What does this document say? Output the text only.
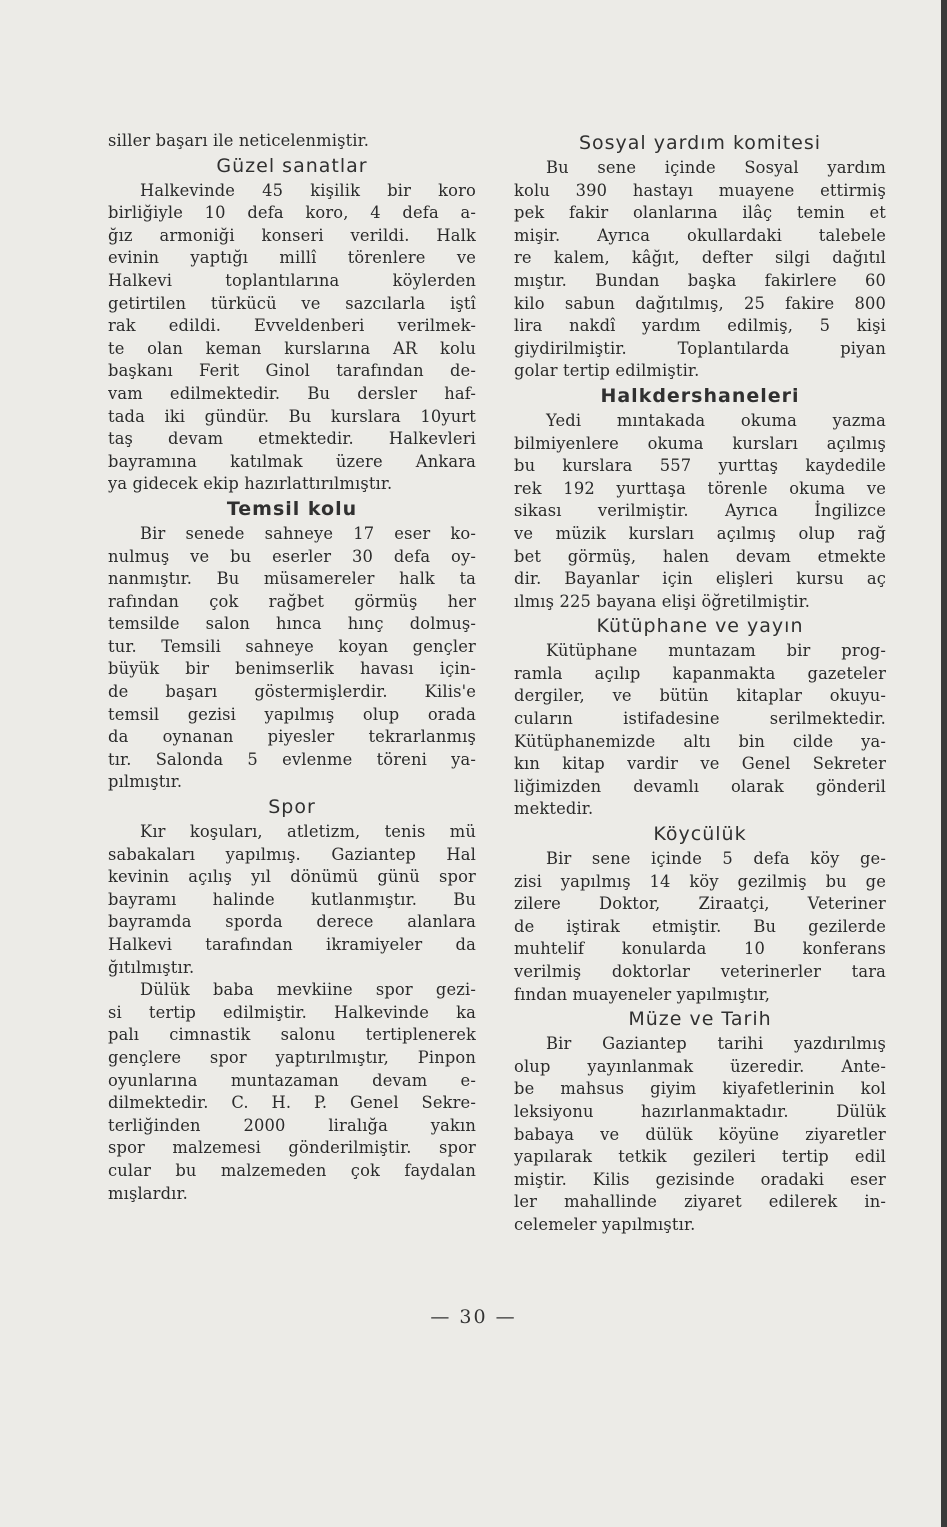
siller başarı ile neticelenmiştir.
Güzel sanatlar
Halkevinde 45 kişilik bir koro
birliğiyle 10 defa koro, 4 defa a-
ğız armoniği konseri verildi. Halk
evinin yaptığı millî törenlere ve
Halkevi toplantılarına köylerden
getirtilen türkücü ve sazcılarla iştî
rak edildi. Evveldenberi verilmek-
te olan keman kurslarına AR kolu
başkanı Ferit Ginol tarafından de-
vam edilmektedir. Bu dersler haf-
tada iki gündür. Bu kurslara 10yurt
taş devam etmektedir. Halkevleri
bayramına katılmak üzere Ankara
ya gidecek ekip hazırlattırılmıştır.
Temsil kolu
Bir senede sahneye 17 eser ko-
nulmuş ve bu eserler 30 defa oy-
nanmıştır. Bu müsamereler halk ta
rafından çok rağbet görmüş her
temsilde salon hınca hınç dolmuş-
tur. Temsili sahneye koyan gençler
büyük bir benimserlik havası için-
de başarı göstermişlerdir. Kilis'e
temsil gezisi yapılmış olup orada
da oynanan piyesler tekrarlanmış
tır. Salonda 5 evlenme töreni ya-
pılmıştır.
Spor
Kır koşuları, atletizm, tenis mü
sabakaları yapılmış. Gaziantep Hal
kevinin açılış yıl dönümü günü spor
bayramı halinde kutlanmıştır. Bu
bayramda sporda derece alanlara
Halkevi tarafından ikramiyeler da
ğıtılmıştır.
Dülük baba mevkiine spor gezi-
si tertip edilmiştir. Halkevinde ka
palı cimnastik salonu tertiplenerek
gençlere spor yaptırılmıştır, Pinpon
oyunlarına muntazaman devam e-
dilmektedir. C. H. P. Genel Sekre-
terliğinden 2000 liralığa yakın
spor malzemesi gönderilmiştir. spor
cular bu malzemeden çok faydalan
mışlardır.
Sosyal yardım komitesi
Bu sene içinde Sosyal yardım
kolu 390 hastayı muayene ettirmiş
pek fakir olanlarına ilâç temin et
mişir. Ayrıca okullardaki talebele
re kalem, kâğıt, defter silgi dağıtıl
mıştır. Bundan başka fakirlere 60
kilo sabun dağıtılmış, 25 fakire 800
lira nakdî yardım edilmiş, 5 kişi
giydirilmiştir. Toplantılarda piyan
golar tertip edilmiştir.
Halkdershaneleri
Yedi mıntakada okuma yazma
bilmiyenlere okuma kursları açılmış
bu kurslara 557 yurttaş kaydedile
rek 192 yurttaşa törenle okuma ve
sikası verilmiştir. Ayrıca İngilizce
ve müzik kursları açılmış olup rağ
bet görmüş, halen devam etmekte
dir. Bayanlar için elişleri kursu aç
ılmış 225 bayana elişi öğretilmiştir.
Kütüphane ve yayın
Kütüphane muntazam bir prog-
ramla açılıp kapanmakta gazeteler
dergiler, ve bütün kitaplar okuyu-
cuların istifadesine serilmektedir.
Kütüphanemizde altı bin cilde ya-
kın kitap vardir ve Genel Sekreter
liğimizden devamlı olarak gönderil
mektedir.
Köycülük
Bir sene içinde 5 defa köy ge-
zisi yapılmış 14 köy gezilmiş bu ge
zilere Doktor, Ziraatçi, Veteriner
de iştirak etmiştir. Bu gezilerde
muhtelif konularda 10 konferans
verilmiş doktorlar veterinerler tara
fından muayeneler yapılmıştır,
Müze ve Tarih
Bir Gaziantep tarihi yazdırılmış
olup yayınlanmak üzeredir. Ante-
be mahsus giyim kiyafetlerinin kol
leksiyonu hazırlanmaktadır. Dülük
babaya ve dülük köyüne ziyaretler
yapılarak tetkik gezileri tertip edil
miştir. Kilis gezisinde oradaki eser
ler mahallinde ziyaret edilerek in-
celemeler yapılmıştır.
— 30 —
